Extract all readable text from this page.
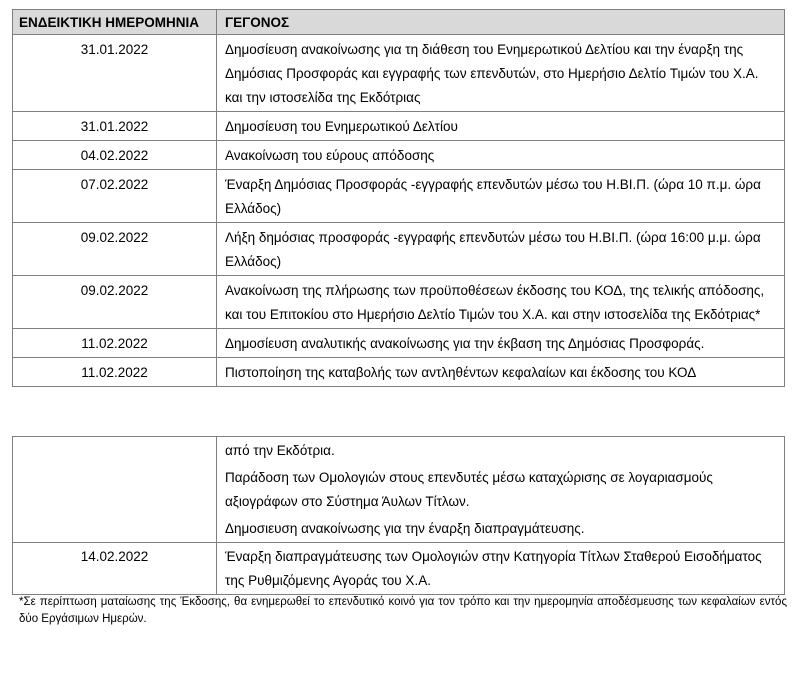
ΕΝΔΕΙΚΤΙΚΗ ΗΜΕΡΟΜΗΝΙΑ	ΓΕΓΟΝΟΣ
31.01.2022	Δημοσίευση ανακοίνωσης για τη διάθεση του Ενημερωτικού Δελτίου και την έναρξη της Δημόσιας Προσφοράς και εγγραφής των επενδυτών, στο Ημερήσιο Δελτίο Τιμών του Χ.Α. και την ιστοσελίδα της Εκδότριας
31.01.2022	Δημοσίευση του Ενημερωτικού Δελτίου
04.02.2022	Ανακοίνωση του εύρους απόδοσης
07.02.2022	Έναρξη Δημόσιας Προσφοράς -εγγραφής επενδυτών μέσω του Η.ΒΙ.Π. (ώρα 10 π.μ. ώρα Ελλάδος)
09.02.2022	Λήξη δημόσιας προσφοράς -εγγραφής επενδυτών μέσω του Η.ΒΙ.Π. (ώρα 16:00 μ.μ. ώρα Ελλάδος)
09.02.2022	Ανακοίνωση της πλήρωσης των προϋποθέσεων έκδοσης του ΚΟΔ, της τελικής απόδοσης, και του Επιτοκίου στο Ημερήσιο Δελτίο Τιμών του Χ.Α. και στην ιστοσελίδα της Εκδότριας*
11.02.2022	Δημοσίευση αναλυτικής ανακοίνωσης για την έκβαση της Δημόσιας Προσφοράς.
11.02.2022	Πιστοποίηση της καταβολής των αντληθέντων κεφαλαίων και έκδοσης του ΚΟΔ

	από την Εκδότρια.
Παράδοση των Ομολογιών στους επενδυτές μέσω καταχώρισης σε λογαριασμούς αξιογράφων στο Σύστημα Άυλων Τίτλων.
Δημοσιευση ανακοίνωσης για την έναρξη διαπραγμάτευσης.

14.02.2022	Έναρξη διαπραγμάτευσης των Ομολογιών στην Κατηγορία Τίτλων Σταθερού Εισοδήματος της Ρυθμιζόμενης Αγοράς του Χ.Α.
*Σε περίπτωση ματαίωσης της Έκδοσης, θα ενημερωθεί το επενδυτικό κοινό για τον τρόπο και την ημερομηνία αποδέσμευσης των κεφαλαίων εντός δύο Εργάσιμων Ημερών.
